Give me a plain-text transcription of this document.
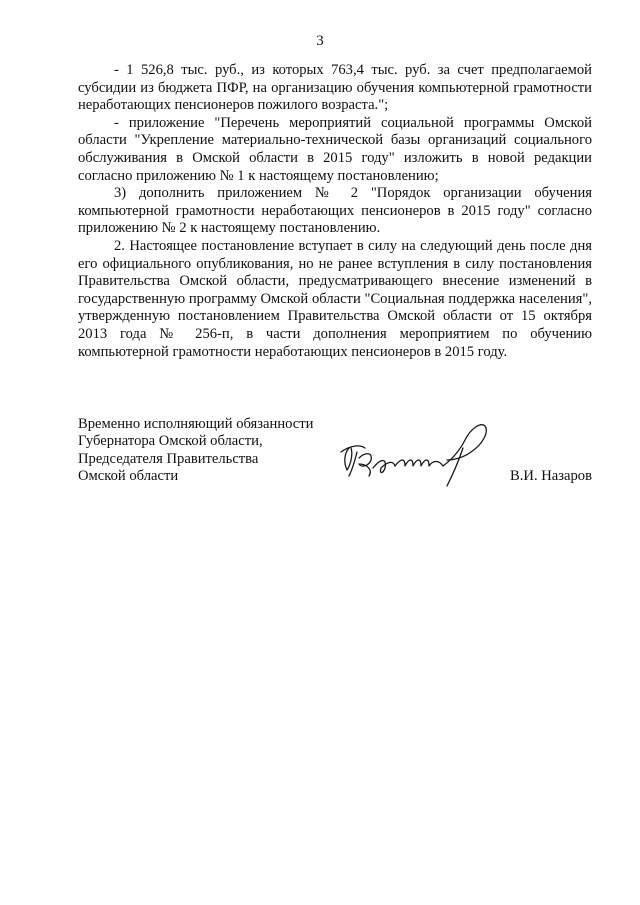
3

- 1 526,8 тыс. руб., из которых 763,4 тыс. руб. за счет предполагаемой субсидии из бюджета ПФР, на организацию обучения компьютерной грамотности неработающих пенсионеров пожилого возраста.";

- приложение "Перечень мероприятий социальной программы Омской области "Укрепление материально-технической базы организаций социального обслуживания в Омской области в 2015 году" изложить в новой редакции согласно приложению № 1 к настоящему постановлению;

3) дополнить приложением № 2 "Порядок организации обучения компьютерной грамотности неработающих пенсионеров в 2015 году" согласно приложению № 2 к настоящему постановлению.

2. Настоящее постановление вступает в силу на следующий день после дня его официального опубликования, но не ранее вступления в силу постановления Правительства Омской области, предусматривающего внесение изменений в государственную программу Омской области "Социальная поддержка населения", утвержденную постановлением Правительства Омской области от 15 октября 2013 года № 256-п, в части дополнения мероприятием по обучению компьютерной грамотности неработающих пенсионеров в 2015 году.

Временно исполняющий обязанности
Губернатора Омской области,
Председателя Правительства
Омской области	В.И. Назаров
